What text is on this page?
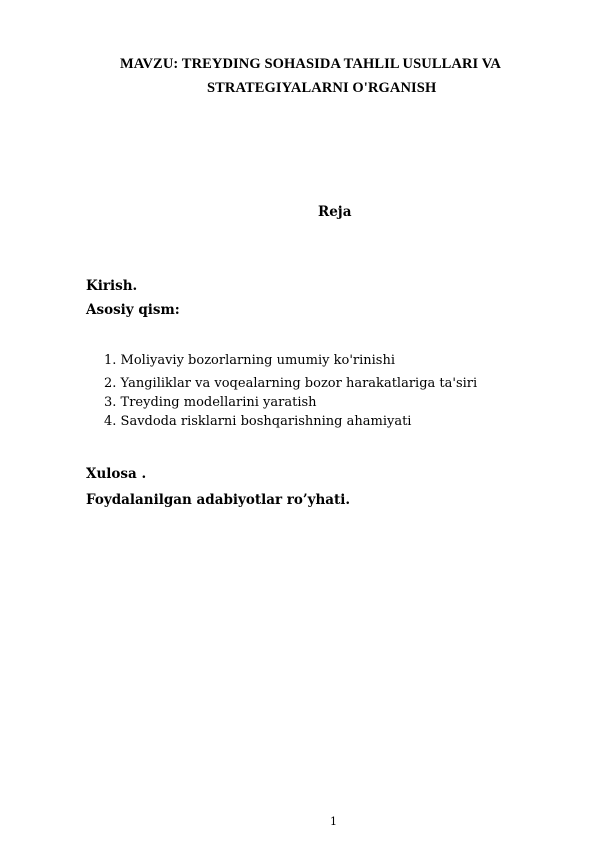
MAVZU: TREYDING SOHASIDA TAHLIL USULLARI VA
STRATEGIYALARNI O'RGANISH
Reja
Kirish.
Asosiy qism:
1. Moliyaviy bozorlarning umumiy ko'rinishi
2. Yangiliklar va voqealarning bozor harakatlariga ta'siri
3. Treyding modellarini yaratish
4. Savdoda risklarni boshqarishning ahamiyati
Xulosa .
Foydalanilgan adabiyotlar ro’yhati.
1
